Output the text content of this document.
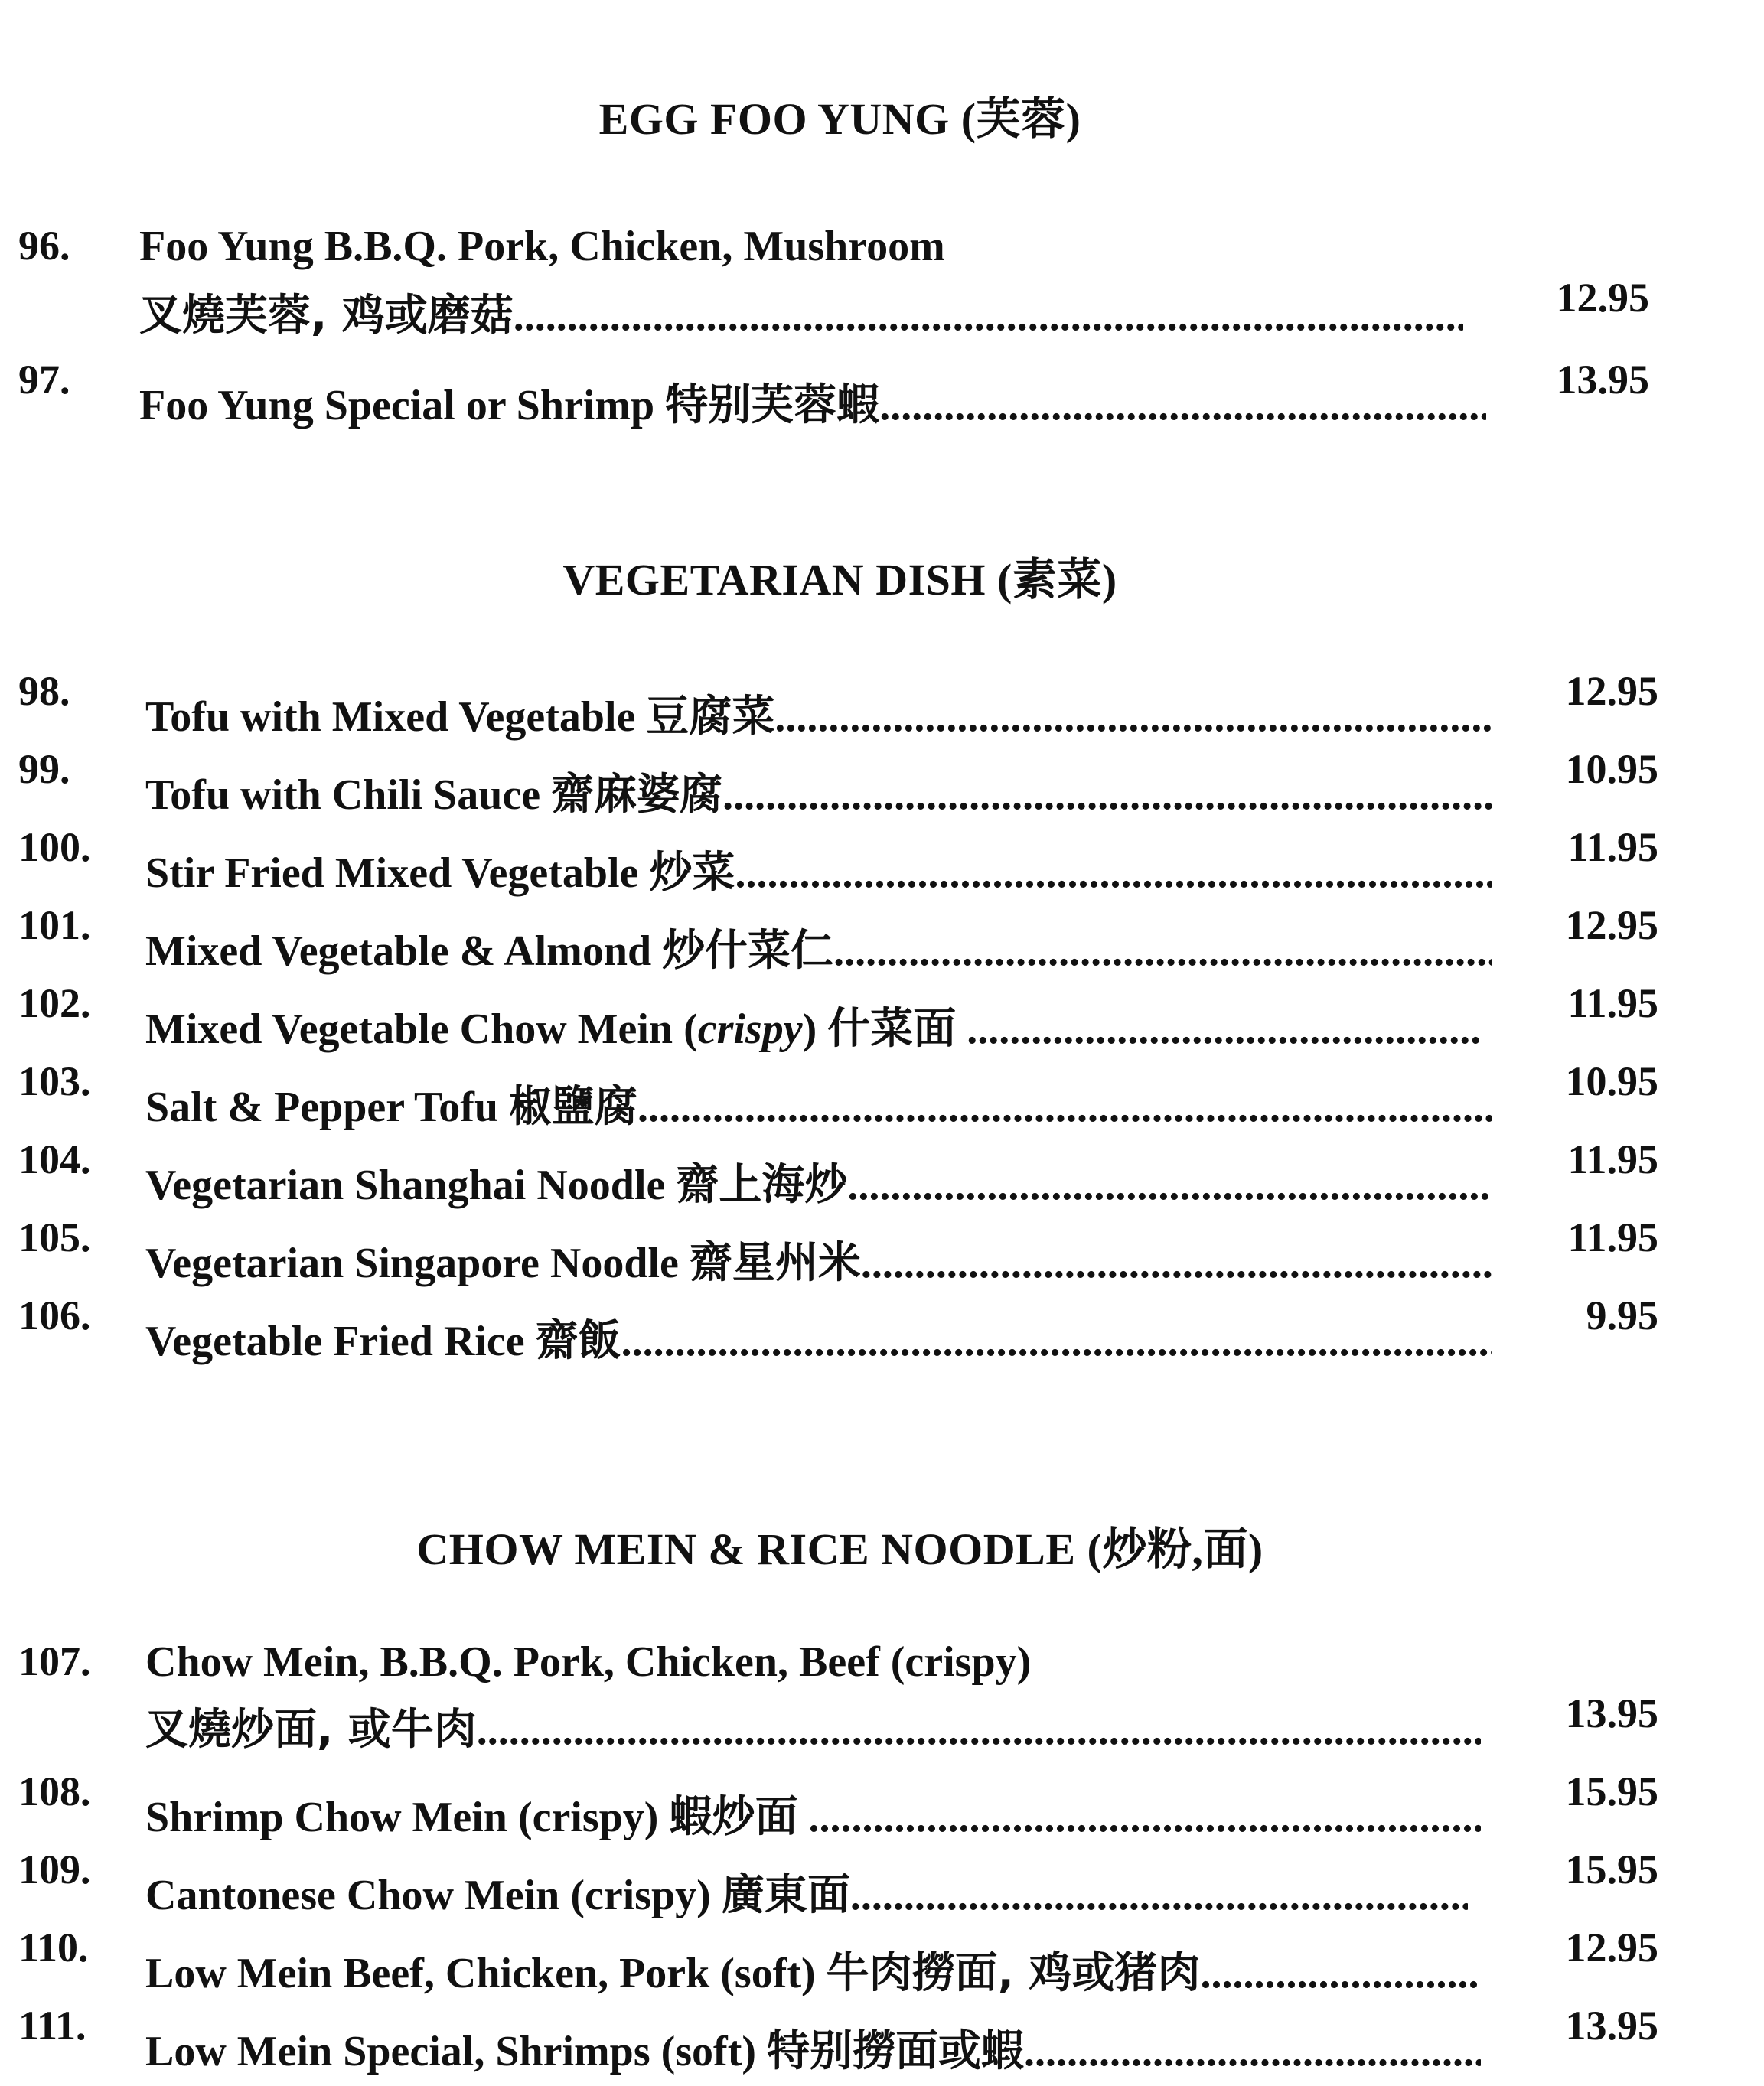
EGG FOO YUNG (芙蓉)
96. Foo Yung B.B.Q. Pork, Chicken, Mushroom
叉燒芙蓉, 鸡或磨菇 .....	12.95
97.
Foo Yung Special or Shrimp 特别芙蓉蝦 .....
13.95
VEGETARIAN DISH (素菜)
98.
Tofu with Mixed Vegetable 豆腐菜 .....
12.95
99.
Tofu with Chili Sauce 齋麻婆腐 .....
10.95
100.
Stir Fried Mixed Vegetable 炒菜 .....
11.95
101.
Mixed Vegetable & Almond 炒什菜仁 .....
12.95
102.
Mixed Vegetable Chow Mein (crispy) 什菜面 .....
11.95
103.
Salt & Pepper Tofu 椒鹽腐 .....
10.95
104.
Vegetarian Shanghai Noodle 齋上海炒 .....
11.95
105.
Vegetarian Singapore Noodle 齋星州米 .....
11.95
106.
Vegetable Fried Rice 齋飯 .....
9.95
CHOW MEIN & RICE NOODLE (炒粉,面)
107. Chow Mein, B.B.Q. Pork, Chicken, Beef (crispy)
叉燒炒面, 或牛肉 .....	13.95
108.
Shrimp Chow Mein (crispy) 蝦炒面 .....
15.95
109.
Cantonese Chow Mein (crispy) 廣東面 .....
15.95
110.
Low Mein Beef, Chicken, Pork (soft) 牛肉撈面, 鸡或猪肉 .....
12.95
111.
Low Mein Special, Shrimps (soft) 特别撈面或蝦 .....
13.95
